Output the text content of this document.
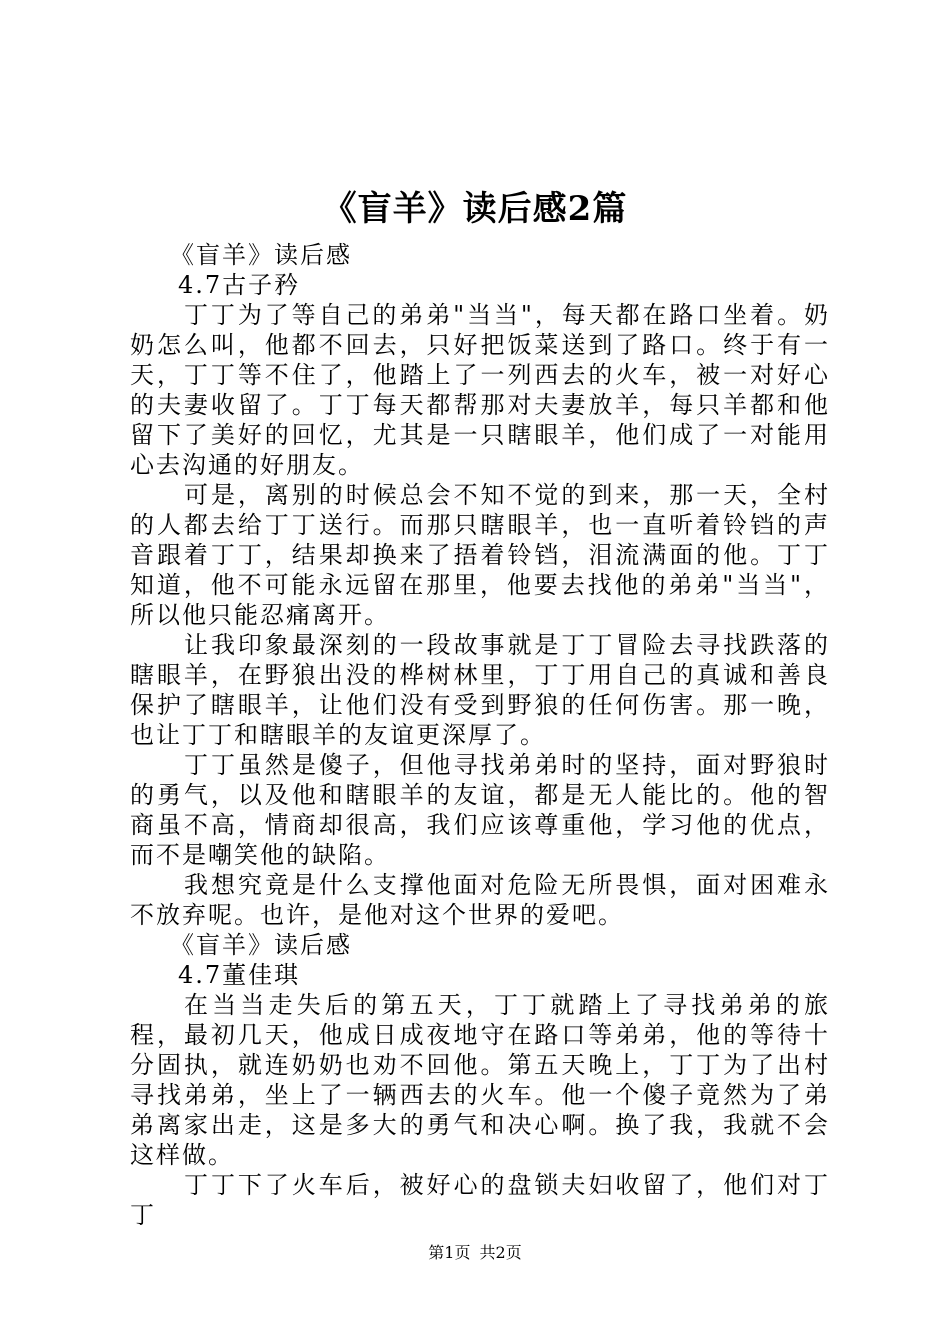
《盲羊》读后感2篇

《盲羊》读后感

4.7古子矜

丁丁为了等自己的弟弟"当当"，每天都在路口坐着。奶奶怎么叫，他都不回去，只好把饭菜送到了路口。终于有一天，丁丁等不住了，他踏上了一列西去的火车，被一对好心的夫妻收留了。丁丁每天都帮那对夫妻放羊，每只羊都和他留下了美好的回忆，尤其是一只瞎眼羊，他们成了一对能用心去沟通的好朋友。

可是，离别的时候总会不知不觉的到来，那一天，全村的人都去给丁丁送行。而那只瞎眼羊，也一直听着铃铛的声音跟着丁丁，结果却换来了捂着铃铛，泪流满面的他。丁丁知道，他不可能永远留在那里，他要去找他的弟弟"当当"，所以他只能忍痛离开。

让我印象最深刻的一段故事就是丁丁冒险去寻找跌落的瞎眼羊，在野狼出没的桦树林里，丁丁用自己的真诚和善良保护了瞎眼羊，让他们没有受到野狼的任何伤害。那一晚，也让丁丁和瞎眼羊的友谊更深厚了。

丁丁虽然是傻子，但他寻找弟弟时的坚持，面对野狼时的勇气，以及他和瞎眼羊的友谊，都是无人能比的。他的智商虽不高，情商却很高，我们应该尊重他，学习他的优点，而不是嘲笑他的缺陷。

我想究竟是什么支撑他面对危险无所畏惧，面对困难永不放弃呢。也许，是他对这个世界的爱吧。

《盲羊》读后感

4.7董佳琪

在当当走失后的第五天，丁丁就踏上了寻找弟弟的旅程，最初几天，他成日成夜地守在路口等弟弟，他的等待十分固执，就连奶奶也劝不回他。第五天晚上，丁丁为了出村寻找弟弟，坐上了一辆西去的火车。他一个傻子竟然为了弟弟离家出走，这是多大的勇气和决心啊。换了我，我就不会这样做。

丁丁下了火车后，被好心的盘锁夫妇收留了，他们对丁丁

第1页 共2页
